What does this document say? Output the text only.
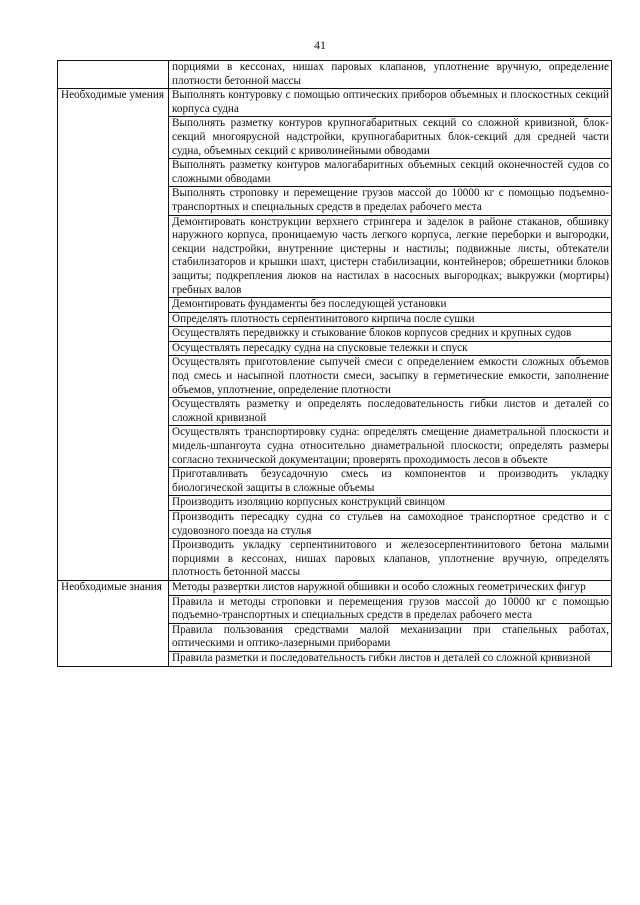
41
	порциями в кессонах, нишах паровых клапанов, уплотнение вручную, определение плотности бетонной массы
Необходимые умения	Выполнять контуровку с помощью оптических приборов объемных и плоскостных секций корпуса судна
	Выполнять разметку контуров крупногабаритных секций со сложной кривизной, блок-секций многоярусной надстройки, крупногабаритных блок-секций для средней части судна, объемных секций с криволинейными обводами
	Выполнять разметку контуров малогабаритных объемных секций оконечностей судов со сложными обводами
	Выполнять строповку и перемещение грузов массой до 10000 кг с помощью подъемно-транспортных и специальных средств в пределах рабочего места
	Демонтировать конструкции верхнего стрингера и заделок в районе стаканов, обшивку наружного корпуса, проницаемую часть легкого корпуса, легкие переборки и выгородки, секции надстройки, внутренние цистерны и настилы; подвижные листы, обтекатели стабилизаторов и крышки шахт, цистерн стабилизации, контейнеров; обрешетники блоков защиты; подкрепления люков на настилах в насосных выгородках; выкружки (мортиры) гребных валов
	Демонтировать фундаменты без последующей установки
	Определять плотность серпентинитового кирпича после сушки
	Осуществлять передвижку и стыкование блоков корпусов средних и крупных судов
	Осуществлять пересадку судна на спусковые тележки и спуск
	Осуществлять приготовление сыпучей смеси с определением емкости сложных объемов под смесь и насыпной плотности смеси, засыпку в герметические емкости, заполнение объемов, уплотнение, определение плотности
	Осуществлять разметку и определять последовательность гибки листов и деталей со сложной кривизной
	Осуществлять транспортировку судна: определять смещение диаметральной плоскости и мидель-шпангоута судна относительно диаметральной плоскости; определять размеры согласно технической документации; проверять проходимость лесов в объекте
	Приготавливать безусадочную смесь из компонентов и производить укладку биологической защиты в сложные объемы
	Производить изоляцию корпусных конструкций свинцом
	Производить пересадку судна со стульев на самоходное транспортное средство и с судовозного поезда на стулья
	Производить укладку серпентинитового и железосерпентинитового бетона малыми порциями в кессонах, нишах паровых клапанов, уплотнение вручную, определять плотность бетонной массы
Необходимые знания	Методы развертки листов наружной обшивки и особо сложных геометрических фигур
	Правила и методы строповки и перемещения грузов массой до 10000 кг с помощью подъемно-транспортных и специальных средств в пределах рабочего места
	Правила пользования средствами малой механизации при стапельных работах, оптическими и оптико-лазерными приборами
	Правила разметки и последовательность гибки листов и деталей со сложной кривизной
